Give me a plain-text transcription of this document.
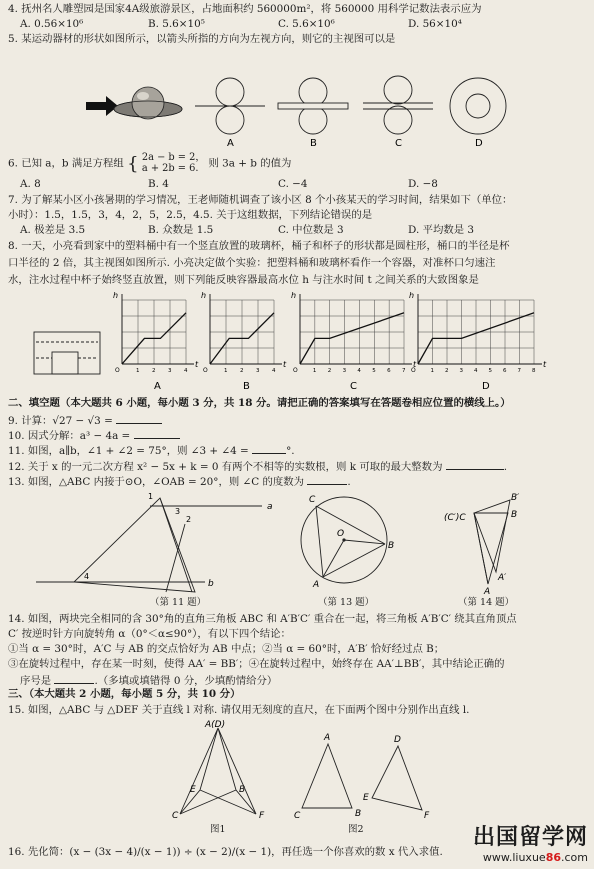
4. 抚州名人雕塑园是国家4A级旅游景区，占地面积约 560000m²，将 560000 用科学记数法表示应为
A. 0.56×10⁶	B. 5.6×10⁵	C. 5.6×10⁶	D. 56×10⁴
5. 某运动器材的形状如图所示，以箭头所指的方向为左视方向，则它的主视图可以是
A	B	C	D
6. 已知 a，b 满足方程组 { 2a − b = 2，
a + 2b = 6. 则 3a + b 的值为
A. 8	B. 4	C. −4	D. −8
7. 为了解某小区小孩暑期的学习情况，王老师随机调查了该小区 8 个小孩某天的学习时间，结果如下（单位：
小时）：1.5，1.5，3，4，2，5，2.5，4.5. 关于这组数据，下列结论错误的是
A. 极差是 3.5	B. 众数是 1.5	C. 中位数是 3	D. 平均数是 3
8. 一天，小亮看到家中的塑料桶中有一个竖直放置的玻璃杯，桶子和杯子的形状都是圆柱形，桶口的半径是杯
口半径的 2 倍，其主视图如图所示. 小亮决定做个实验：把塑料桶和玻璃杯看作一个容器，对准杯口匀速注
水，注水过程中杯子始终竖直放置，则下列能反映容器最高水位 h 与注水时间 t 之间关系的大致图象是
h
t
O	1 2 3 4
h
t
O	1 2 3 4
h
t
O	1 2 3 4 5 6 7
h
t
O	1 2 3 4 5 6 7 8
A	B	C	D
二、填空题（本大题共 6 小题，每小题 3 分，共 18 分。请把正确的答案填写在答题卷相应位置的横线上。）
9. 计算：√27 − √3 =
10. 因式分解：a³ − 4a =
11. 如图，a∥b，∠1 + ∠2 = 75°，则 ∠3 + ∠4 =	°.
12. 关于 x 的一元二次方程 x² − 5x + k = 0 有两个不相等的实数根，则 k 可取的最大整数为	.
13. 如图，△ABC 内接于⊙O，∠OAB = 20°，则 ∠C 的度数为	.
1
2
3
4
a
b
O
C
B
A
(C′)C
B′
B
A′
A
（第 11 题）	（第 13 题）	（第 14 题）
14. 如图，两块完全相同的含 30°角的直角三角板 ABC 和 A′B′C′ 重合在一起，将三角板 A′B′C′ 绕其直角顶点
C′ 按逆时针方向旋转角 α（0°＜α≤90°），有以下四个结论：
①当 α = 30°时，A′C 与 AB 的交点恰好为 AB 中点；②当 α = 60°时，A′B′ 恰好经过点 B；
③在旋转过程中，存在某一时刻，使得 AA′ = BB′；④在旋转过程中，始终存在 AA′⊥BB′，其中结论正确的
序号是	.（多填或填错得 0 分，少填酌情给分）
三、（本大题共 2 小题，每小题 5 分，共 10 分）
15. 如图，△ABC 与 △DEF 关于直线 l 对称. 请仅用无刻度的直尺，在下面两个图中分别作出直线 l.
A(D)
C	F
E	B
A
C	B
D
E
F
图1	图2
16. 先化简：(x − (3x − 4)/(x − 1)) ÷ (x − 2)/(x − 1)，再任选一个你喜欢的数 x 代入求值.
出国留学网
www.liuxue86.com
